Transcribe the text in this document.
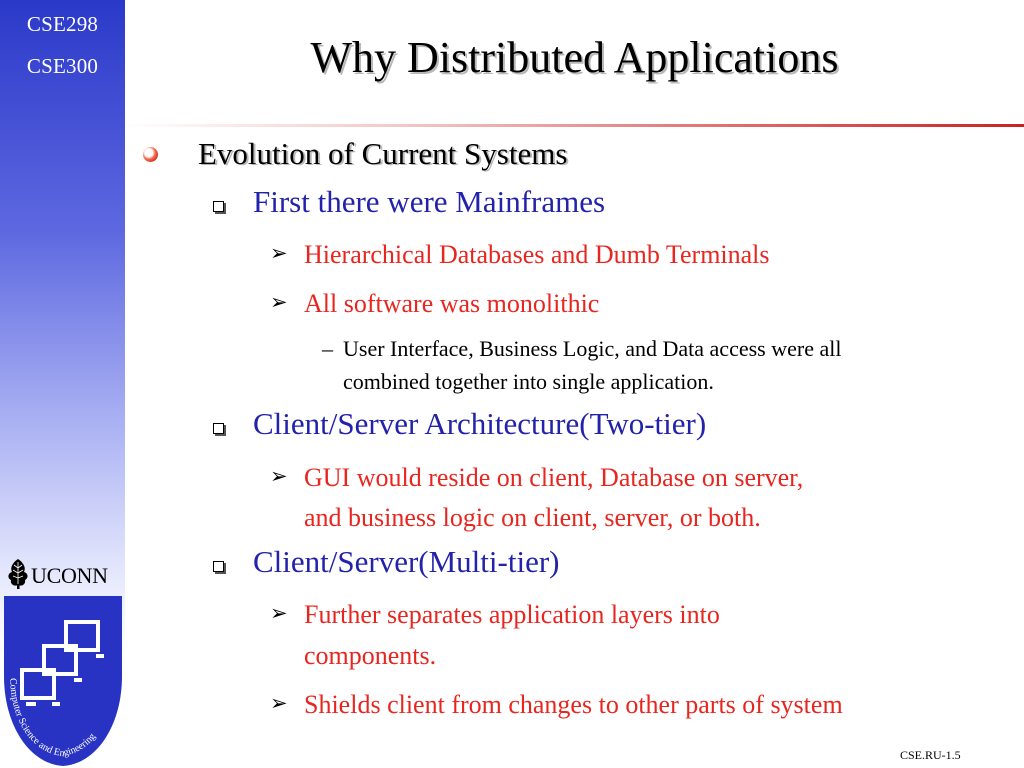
CSE298
CSE300	Why Distributed Applications
UCONN
Computer Science and Engineering
Evolution of Current Systems
First there were Mainframes
➢ Hierarchical Databases and Dumb Terminals
➢ All software was monolithic
– User Interface, Business Logic, and Data access were all
combined together into single application.
Client/Server Architecture(Two-tier)
➢ GUI would reside on client, Database on server,
and business logic on client, server, or both.
Client/Server(Multi-tier)
➢ Further separates application layers into
components.
➢ Shields client from changes to other parts of system
CSE.RU-1.5
